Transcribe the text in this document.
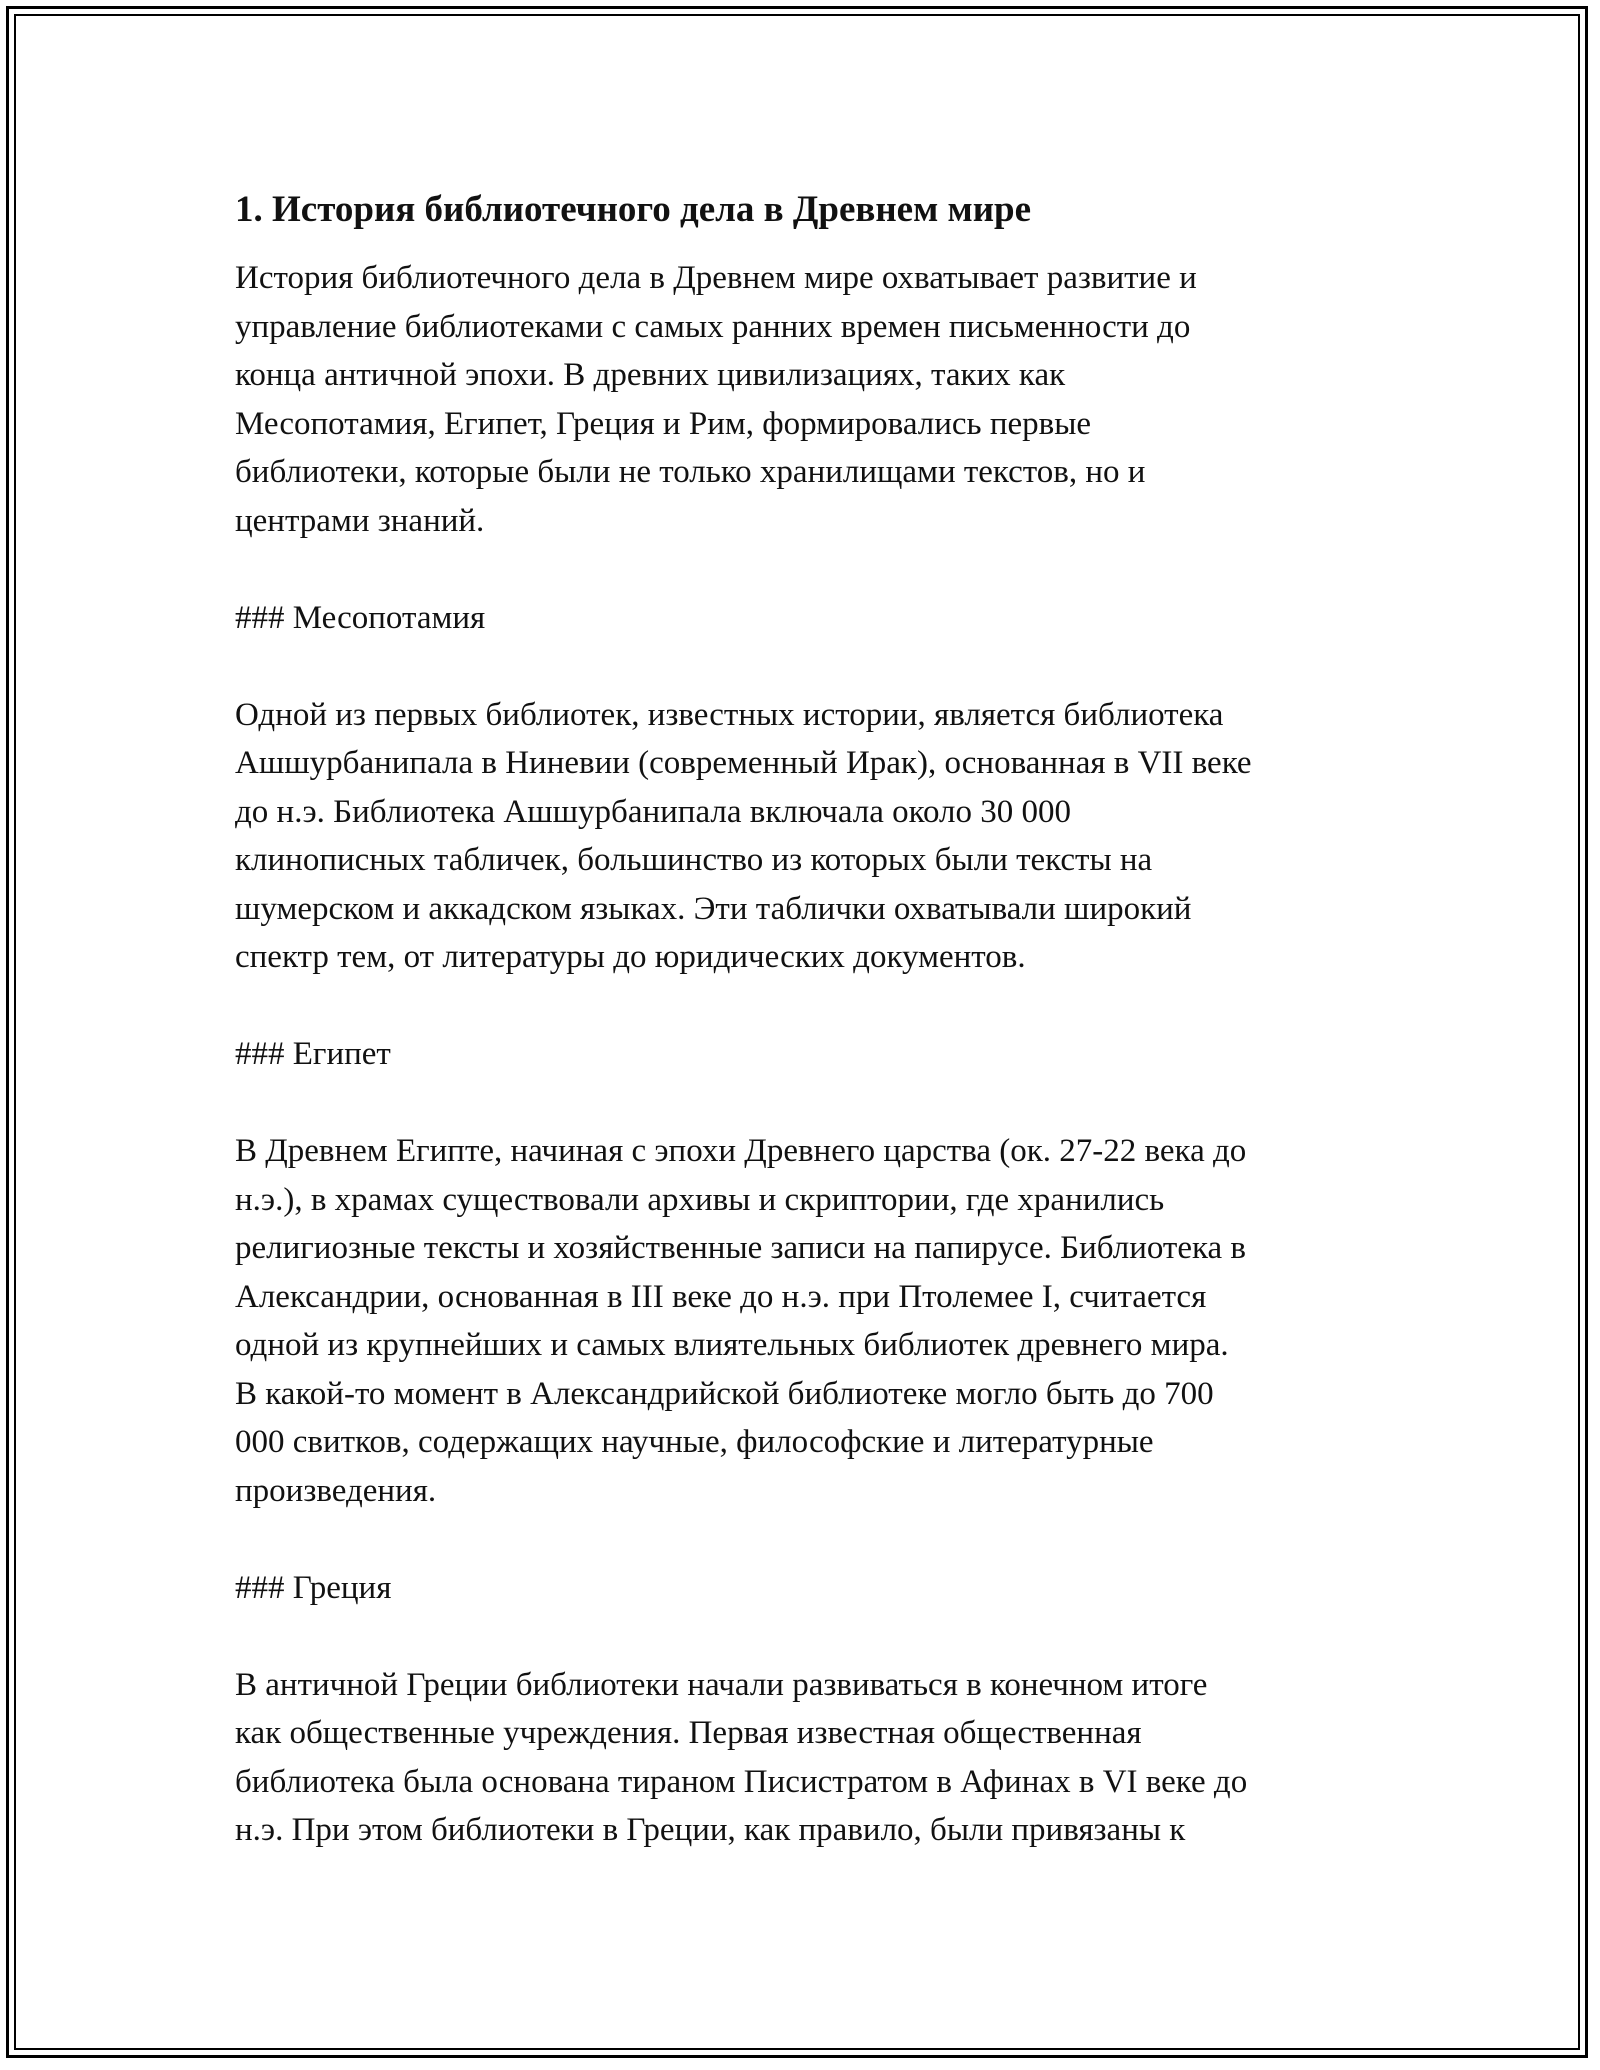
1. История библиотечного дела в Древнем мире

История библиотечного дела в Древнем мире охватывает развитие и
управление библиотеками с самых ранних времен письменности до
конца античной эпохи. В древних цивилизациях, таких как
Месопотамия, Египет, Греция и Рим, формировались первые
библиотеки, которые были не только хранилищами текстов, но и
центрами знаний.

### Месопотамия

Одной из первых библиотек, известных истории, является библиотека
Ашшурбанипала в Ниневии (современный Ирак), основанная в VII веке
до н.э. Библиотека Ашшурбанипала включала около 30 000
клинописных табличек, большинство из которых были тексты на
шумерском и аккадском языках. Эти таблички охватывали широкий
спектр тем, от литературы до юридических документов.

### Египет

В Древнем Египте, начиная с эпохи Древнего царства (ок. 27-22 века до
н.э.), в храмах существовали архивы и скриптории, где хранились
религиозные тексты и хозяйственные записи на папирусе. Библиотека в
Александрии, основанная в III веке до н.э. при Птолемее I, считается
одной из крупнейших и самых влиятельных библиотек древнего мира.
В какой-то момент в Александрийской библиотеке могло быть до 700
000 свитков, содержащих научные, философские и литературные
произведения.

### Греция

В античной Греции библиотеки начали развиваться в конечном итоге
как общественные учреждения. Первая известная общественная
библиотека была основана тираном Писистратом в Афинах в VI веке до
н.э. При этом библиотеки в Греции, как правило, были привязаны к
